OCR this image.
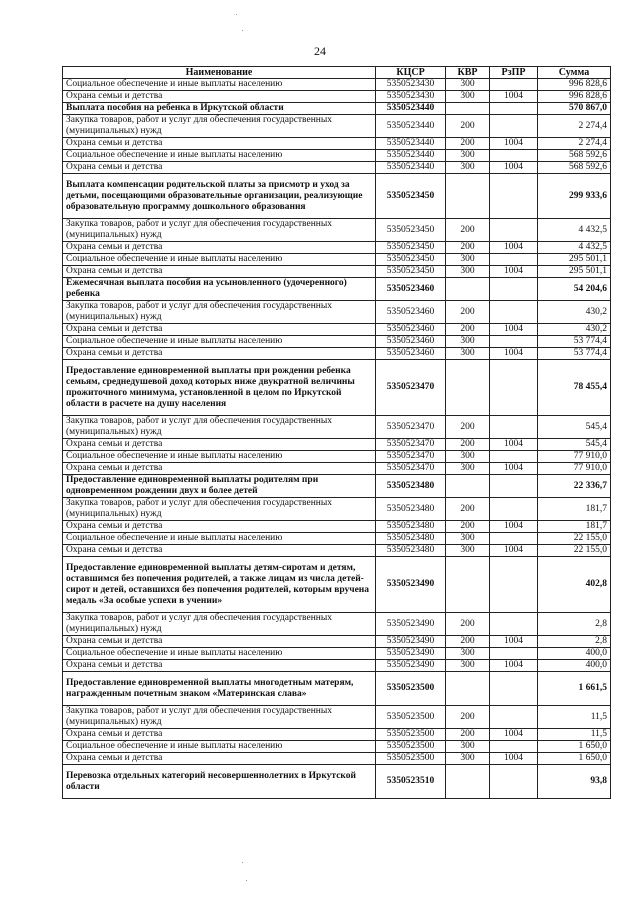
24
Наименование	КЦСР	КВР	РзПР	Сумма
Социальное обеспечение и иные выплаты населению	5350523430	300		996 828,6
Охрана семьи и детства	5350523430	300	1004	996 828,6
Выплата пособия на ребенка в Иркутской области	5350523440			570 867,0
Закупка товаров, работ и услуг для обеспечения государственных (муниципальных) нужд	5350523440	200		2 274,4
Охрана семьи и детства	5350523440	200	1004	2 274,4
Социальное обеспечение и иные выплаты населению	5350523440	300		568 592,6
Охрана семьи и детства	5350523440	300	1004	568 592,6
Выплата компенсации родительской платы за присмотр и уход за детьми, посещающими образовательные организации, реализующие образовательную программу дошкольного образования	5350523450			299 933,6
Закупка товаров, работ и услуг для обеспечения государственных (муниципальных) нужд	5350523450	200		4 432,5
Охрана семьи и детства	5350523450	200	1004	4 432,5
Социальное обеспечение и иные выплаты населению	5350523450	300		295 501,1
Охрана семьи и детства	5350523450	300	1004	295 501,1
Ежемесячная выплата пособия на усыновленного (удочеренного) ребенка	5350523460			54 204,6
Закупка товаров, работ и услуг для обеспечения государственных (муниципальных) нужд	5350523460	200		430,2
Охрана семьи и детства	5350523460	200	1004	430,2
Социальное обеспечение и иные выплаты населению	5350523460	300		53 774,4
Охрана семьи и детства	5350523460	300	1004	53 774,4
Предоставление единовременной выплаты при рождении ребенка семьям, среднедушевой доход которых ниже двукратной величины прожиточного минимума, установленной в целом по Иркутской области в расчете на душу населения	5350523470			78 455,4
Закупка товаров, работ и услуг для обеспечения государственных (муниципальных) нужд	5350523470	200		545,4
Охрана семьи и детства	5350523470	200	1004	545,4
Социальное обеспечение и иные выплаты населению	5350523470	300		77 910,0
Охрана семьи и детства	5350523470	300	1004	77 910,0
Предоставление единовременной выплаты родителям при одновременном рождении двух и более детей	5350523480			22 336,7
Закупка товаров, работ и услуг для обеспечения государственных (муниципальных) нужд	5350523480	200		181,7
Охрана семьи и детства	5350523480	200	1004	181,7
Социальное обеспечение и иные выплаты населению	5350523480	300		22 155,0
Охрана семьи и детства	5350523480	300	1004	22 155,0
Предоставление единовременной выплаты детям-сиротам и детям, оставшимся без попечения родителей, а также лицам из числа детей-сирот и детей, оставшихся без попечения родителей, которым вручена медаль «За особые успехи в учении»	5350523490			402,8
Закупка товаров, работ и услуг для обеспечения государственных (муниципальных) нужд	5350523490	200		2,8
Охрана семьи и детства	5350523490	200	1004	2,8
Социальное обеспечение и иные выплаты населению	5350523490	300		400,0
Охрана семьи и детства	5350523490	300	1004	400,0
Предоставление единовременной выплаты многодетным матерям, награжденным почетным знаком «Материнская слава»	5350523500			1 661,5
Закупка товаров, работ и услуг для обеспечения государственных (муниципальных) нужд	5350523500	200		11,5
Охрана семьи и детства	5350523500	200	1004	11,5
Социальное обеспечение и иные выплаты населению	5350523500	300		1 650,0
Охрана семьи и детства	5350523500	300	1004	1 650,0
Перевозка отдельных категорий несовершеннолетних в Иркутской области	5350523510			93,8
